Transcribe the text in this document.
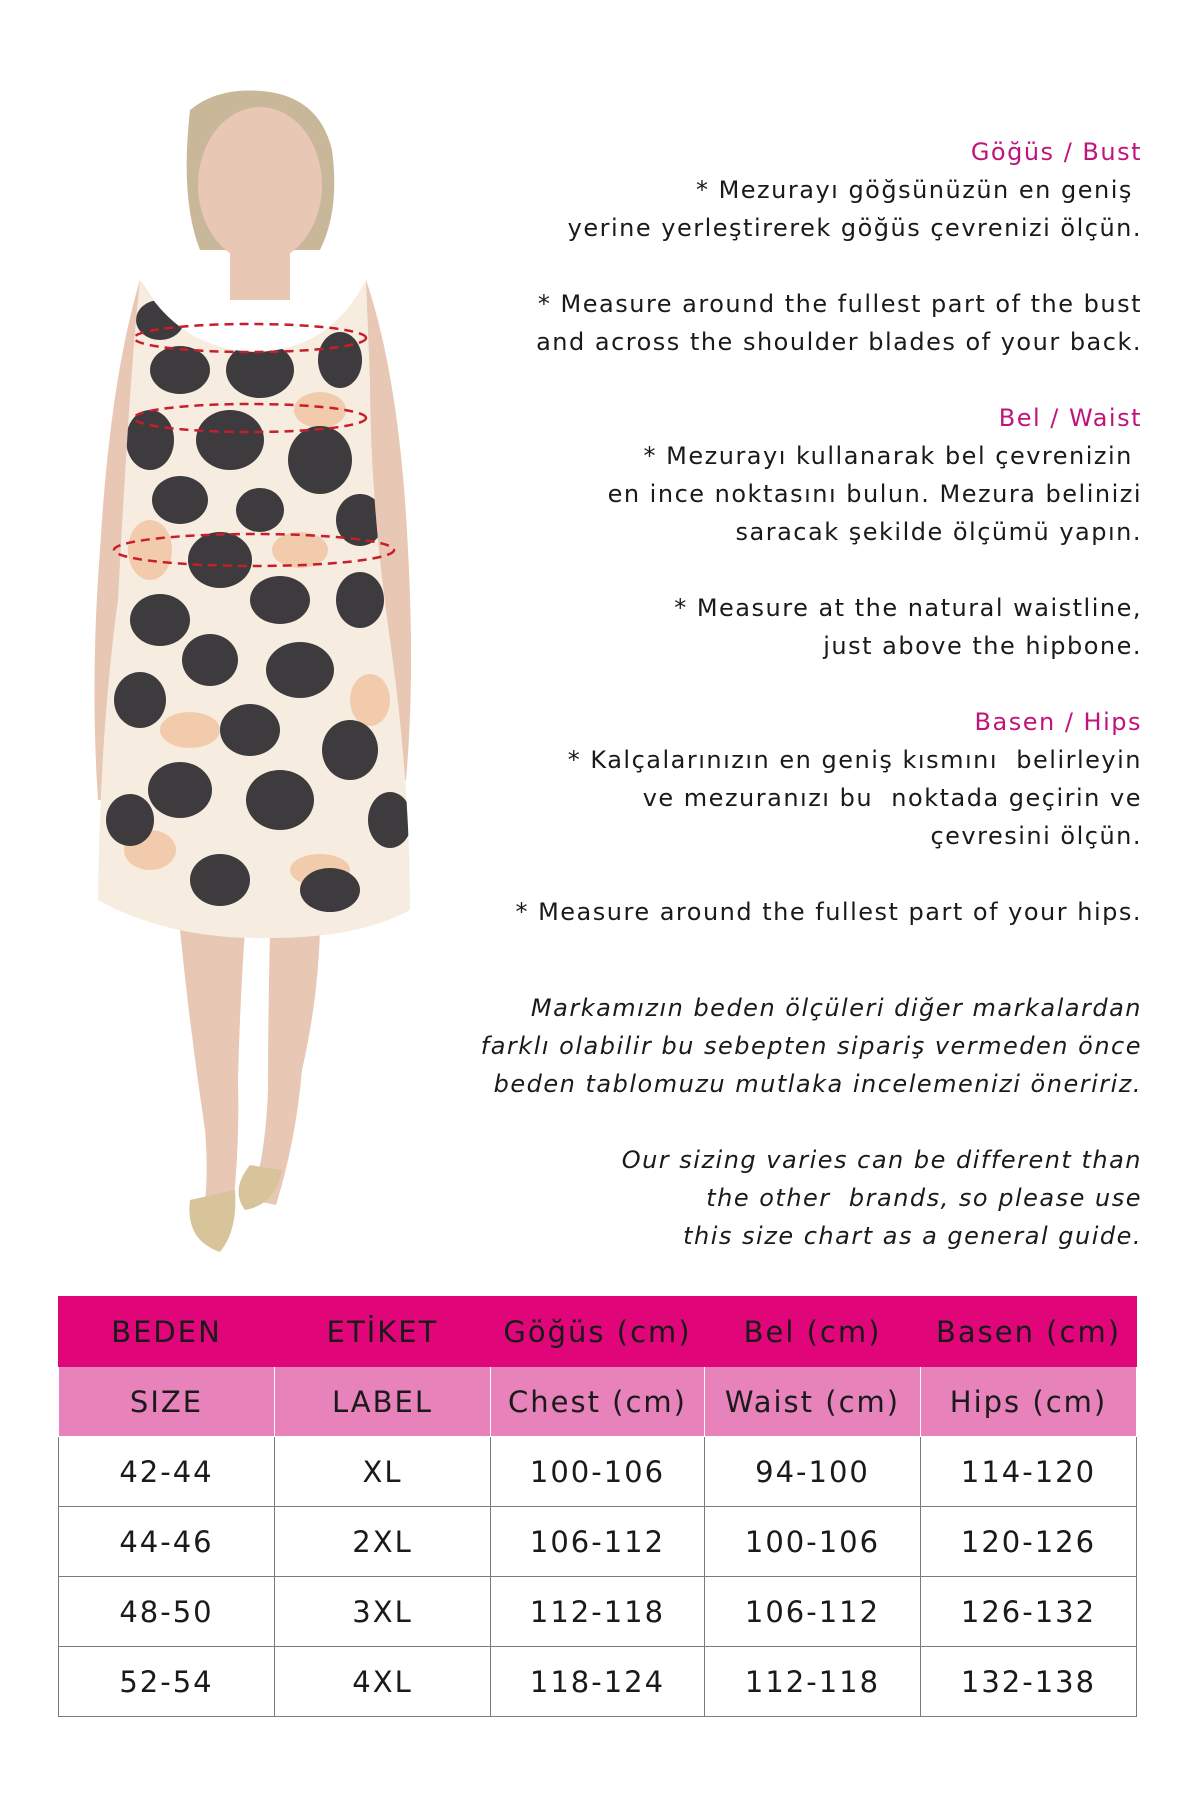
Göğüs / Bust
* Mezurayı göğsünüzün en geniş
yerine yerleştirerek göğüs çevrenizi ölçün.
* Measure around the fullest part of the bust
and across the shoulder blades of your back.
Bel / Waist
* Mezurayı kullanarak bel çevrenizin
en ince noktasını bulun. Mezura belinizi
saracak şekilde ölçümü yapın.
* Measure at the natural waistline,
just above the hipbone.
Basen / Hips
* Kalçalarınızın en geniş kısmını  belirleyin
ve mezuranızı bu  noktada geçirin ve
çevresini ölçün.
* Measure around the fullest part of your hips.
Markamızın beden ölçüleri diğer markalardan
farklı olabilir bu sebepten sipariş vermeden önce
beden tablomuzu mutlaka incelemenizi öneririz.
Our sizing varies can be different than
the other  brands, so please use
this size chart as a general guide.
BEDEN	ETİKET	Göğüs (cm)	Bel (cm)	Basen (cm)
SIZE	LABEL	Chest (cm)	Waist (cm)	Hips (cm)
42-44	XL	100-106	94-100	114-120
44-46	2XL	106-112	100-106	120-126
48-50	3XL	112-118	106-112	126-132
52-54	4XL	118-124	112-118	132-138
